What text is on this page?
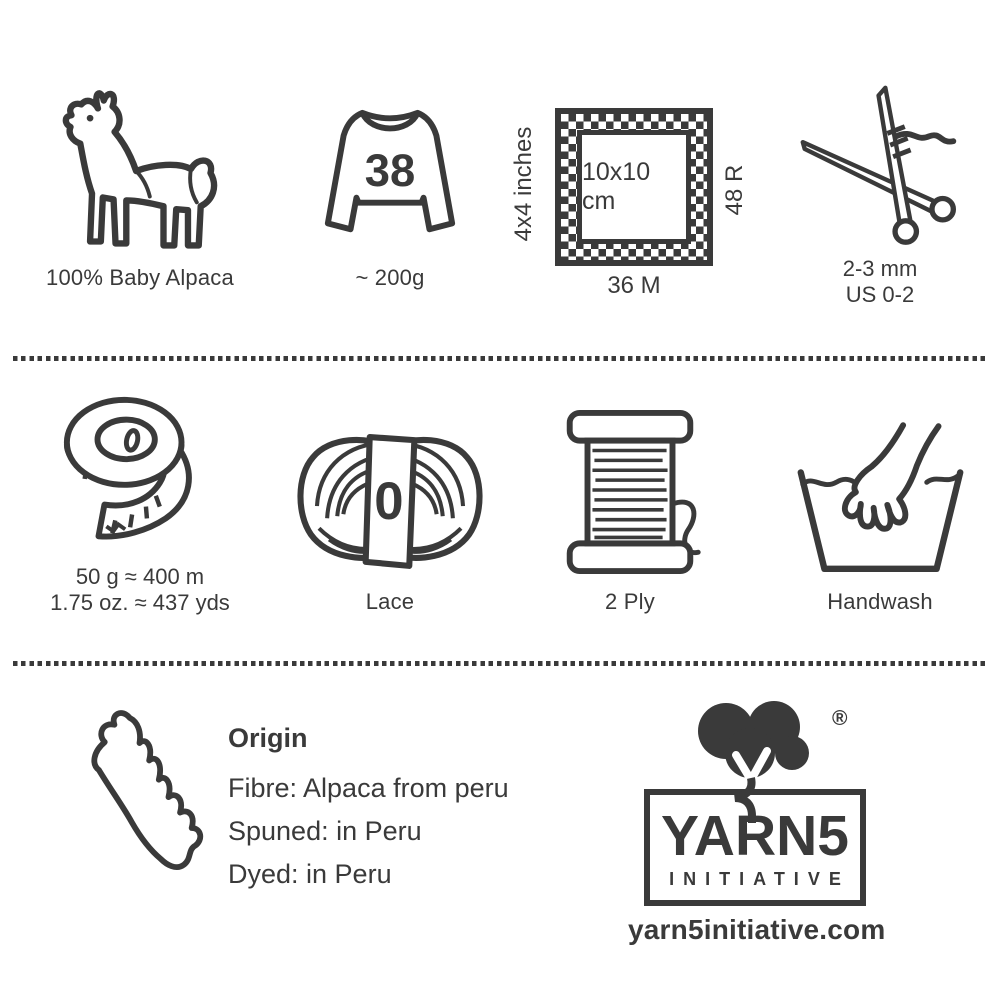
100% Baby Alpaca
38
~ 200g
10x10 cm
4x4 inches	48 R
36 M
2-3 mm
US 0-2
50 g ≈ 400 m
1.75 oz. ≈ 437 yds
0
Lace	2 Ply	Handwash
Origin
Fibre: Alpaca from peru
Spuned: in Peru
Dyed: in Peru
®
YARN5
INITIATIVE
yarn5initiative.com
